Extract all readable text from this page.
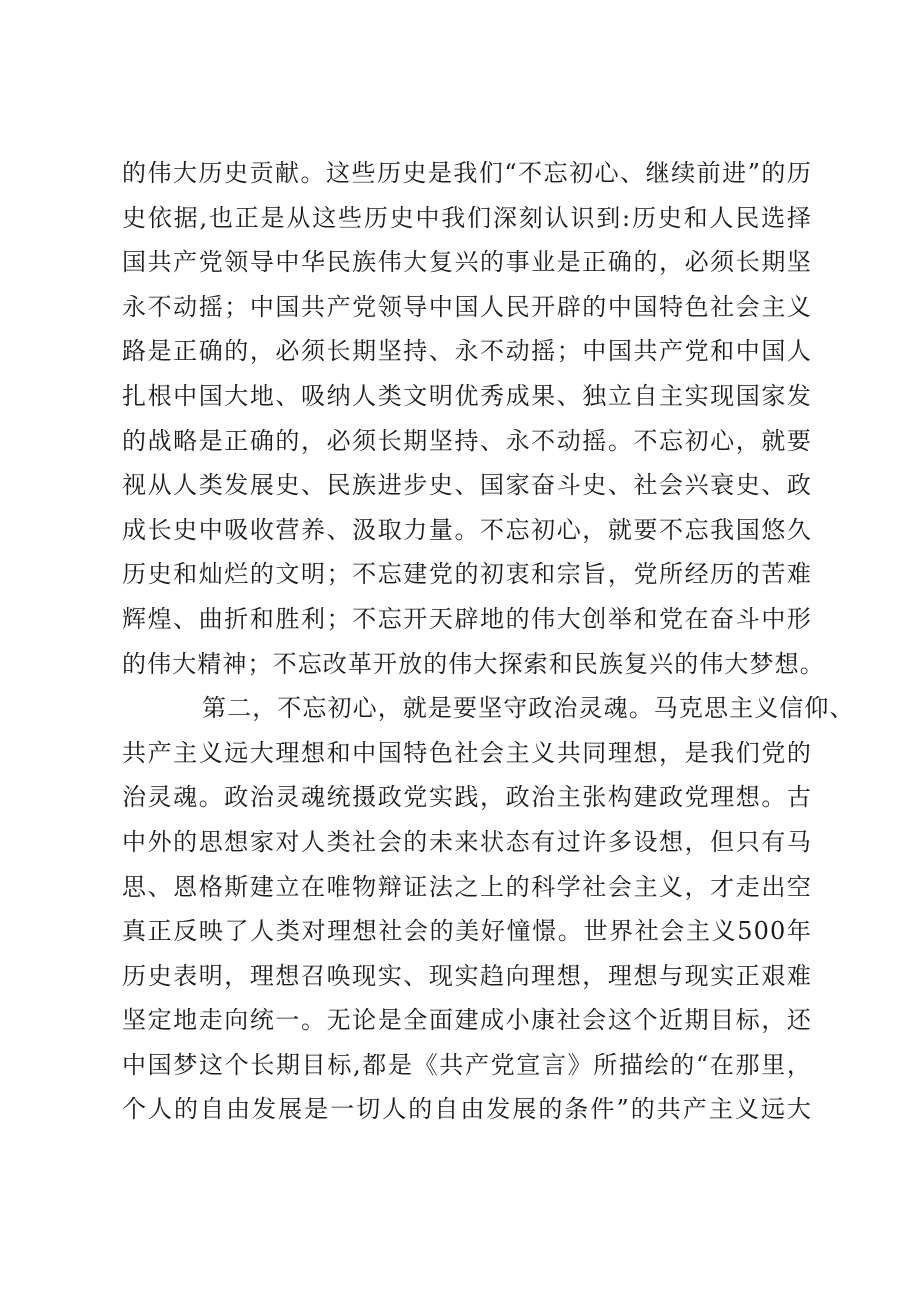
的伟大历史贡献。这些历史是我们“不忘初心、继续前进”的历
史依据,也正是从这些历史中我们深刻认识到:历史和人民选择
国共产党领导中华民族伟大复兴的事业是正确的，必须长期坚
永不动摇；中国共产党领导中国人民开辟的中国特色社会主义
路是正确的，必须长期坚持、永不动摇；中国共产党和中国人
扎根中国大地、吸纳人类文明优秀成果、独立自主实现国家发
的战略是正确的，必须长期坚持、永不动摇。不忘初心，就要
视从人类发展史、民族进步史、国家奋斗史、社会兴衰史、政
成长史中吸收营养、汲取力量。不忘初心，就要不忘我国悠久
历史和灿烂的文明；不忘建党的初衷和宗旨，党所经历的苦难
辉煌、曲折和胜利；不忘开天辟地的伟大创举和党在奋斗中形
的伟大精神；不忘改革开放的伟大探索和民族复兴的伟大梦想。
第二，不忘初心，就是要坚守政治灵魂。马克思主义信仰、
共产主义远大理想和中国特色社会主义共同理想，是我们党的
治灵魂。政治灵魂统摄政党实践，政治主张构建政党理想。古
中外的思想家对人类社会的未来状态有过许多设想，但只有马
思、恩格斯建立在唯物辩证法之上的科学社会主义，才走出空
真正反映了人类对理想社会的美好憧憬。世界社会主义500年
历史表明，理想召唤现实、现实趋向理想，理想与现实正艰难
坚定地走向统一。无论是全面建成小康社会这个近期目标，还
中国梦这个长期目标,都是《共产党宣言》所描绘的“在那里，
个人的自由发展是一切人的自由发展的条件”的共产主义远大
